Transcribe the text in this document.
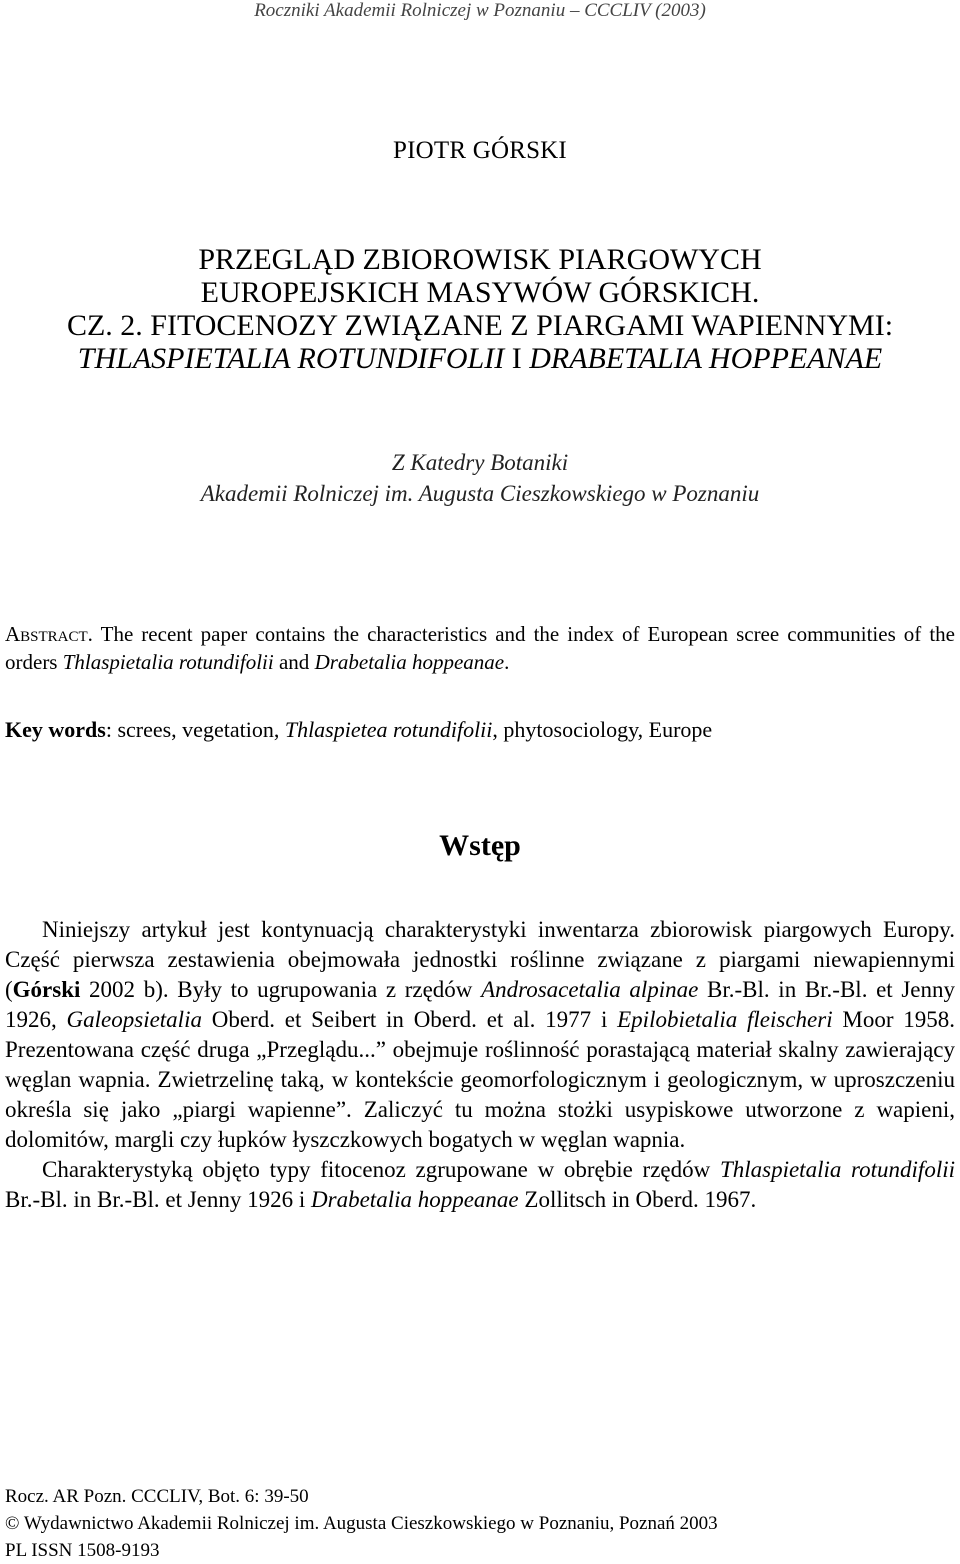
Roczniki Akademii Rolniczej w Poznaniu – CCCLIV (2003)
PIOTR GÓRSKI
PRZEGLĄD ZBIOROWISK PIARGOWYCH
EUROPEJSKICH MASYWÓW GÓRSKICH.
CZ. 2. FITOCENOZY ZWIĄZANE Z PIARGAMI WAPIENNYMI:
THLASPIETALIA ROTUNDIFOLII I DRABETALIA HOPPEANAE
Z Katedry Botaniki
Akademii Rolniczej im. Augusta Cieszkowskiego w Poznaniu
Abstract. The recent paper contains the characteristics and the index of European scree communities of the orders Thlaspietalia rotundifolii and Drabetalia hoppeanae.
Key words: screes, vegetation, Thlaspietea rotundifolii, phytosociology, Europe
Wstęp

Niniejszy artykuł jest kontynuacją charakterystyki inwentarza zbiorowisk piargowych Europy. Część pierwsza zestawienia obejmowała jednostki roślinne związane z piargami niewapiennymi (Górski 2002 b). Były to ugrupowania z rzędów Androsacetalia alpinae Br.-Bl. in Br.-Bl. et Jenny 1926, Galeopsietalia Oberd. et Seibert in Oberd. et al. 1977 i Epilobietalia fleischeri Moor 1958. Prezentowana część druga „Przeglądu...” obejmuje roślinność porastającą materiał skalny zawierający węglan wapnia. Zwietrzelinę taką, w kontekście geomorfologicznym i geologicznym, w uproszczeniu określa się jako „piargi wapienne”. Zaliczyć tu można stożki usypiskowe utworzone z wapieni, dolomitów, margli czy łupków łyszczkowych bogatych w węglan wapnia.

Charakterystyką objęto typy fitocenoz zgrupowane w obrębie rzędów Thlaspietalia rotundifolii Br.-Bl. in Br.-Bl. et Jenny 1926 i Drabetalia hoppeanae Zollitsch in Oberd. 1967.

Rocz. AR Pozn. CCCLIV, Bot. 6: 39-50
© Wydawnictwo Akademii Rolniczej im. Augusta Cieszkowskiego w Poznaniu, Poznań 2003
PL ISSN 1508-9193
